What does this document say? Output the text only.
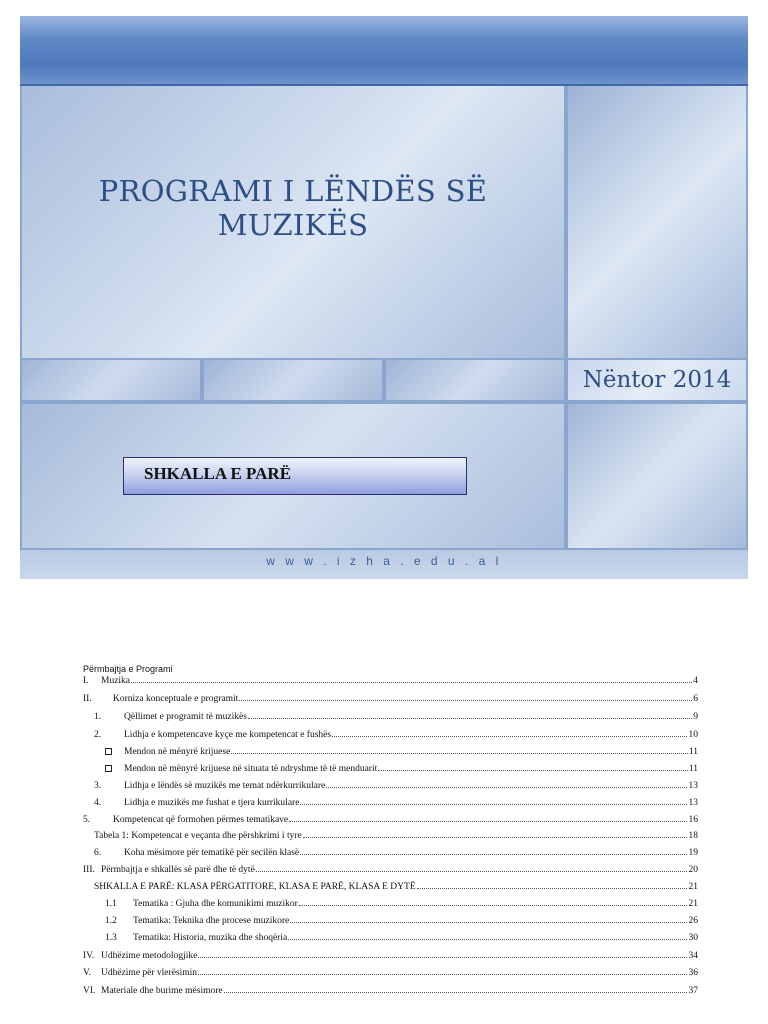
PROGRAMI I LËNDËS SË
MUZIKËS
Nëntor 2014
SHKALLA E PARË
w w w . i z h a . e d u . a l
Përmbajtja e Programi
I. Muzika	4
II. Korniza konceptuale e programit	6
1. Qëllimet e programit të muzikës	9
2. Lidhja e kompetencave kyçe me kompetencat e fushës	10
Mendon në mënyrë krijuese	11
Mendon në mënyrë krijuese në situata të ndryshme të të menduarit	11
3. Lidhja e lëndës së muzikës me temat ndërkurrikulare	13
4. Lidhja e muzikës me fushat e tjera kurrikulare	13
5. Kompetencat që formohen përmes tematikave	16
Tabela 1: Kompetencat e veçanta dhe përshkrimi i tyre	18
6. Koha mësimore për tematikë për secilën klasë	19
III. Përmbajtja e shkallës së parë dhe të dytë	20
SHKALLA E PARË: KLASA PËRGATITORE, KLASA E PARË, KLASA E DYTË	21
1.1 Tematika : Gjuha dhe komunikimi muzikor	21
1.2 Tematika: Teknika dhe procese muzikore	26
1.3 Tematika: Historia, muzika dhe shoqëria	30
IV. Udhëzime metodologjike	34
V. Udhëzime për vlerësimin	36
VI. Materiale dhe burime mësimore	37
